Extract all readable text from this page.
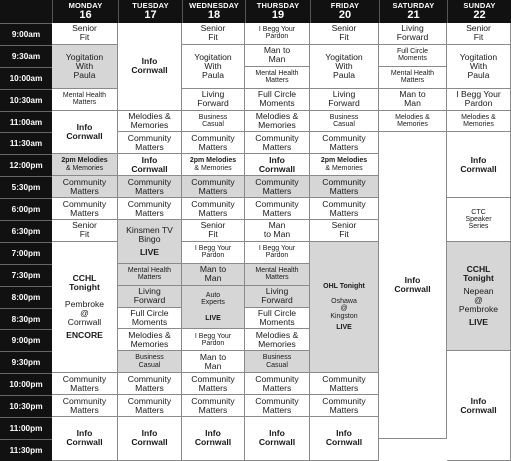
MONDAY
16
TUESDAY
17
WEDNESDAY
18
THURSDAY
19
FRIDAY
20
SATURDAY
21
SUNDAY
22
9:00am
9:30am
10:00am
10:30am
11:00am
11:30am
12:00pm
5:30pm
6:00pm
6:30pm
7:00pm
7:30pm
8:00pm
8:30pm
9:00pm
9:30pm
10:00pm
10:30pm
11:00pm
11:30pm
Senior
Fit
Yogitation
With
Paula
Mental Health
Matters
Info
Cornwall
2pm Melodies
& Memories
Community
Matters
Community
Matters
Senior
Fit
CCHL
Tonight
Pembroke
@
Cornwall
ENCORE
Community
Matters
Community
Matters
Info
Cornwall
Info
Cornwall
Melodies &
Memories
Community
Matters
Info
Cornwall
Community
Matters
Community
Matters
Kinsmen TV
Bingo
LIVE
Mental Health
Matters
Living
Forward
Full Circle
Moments
Melodies &
Memories
Business
Casual
Community
Matters
Community
Matters
Info
Cornwall
Senior
Fit
Yogitation
With
Paula
Living
Forward
Business
Casual
Community
Matters
2pm Melodies
& Memories
Community
Matters
Community
Matters
Senior
Fit
I Begg Your
Pardon
Man to
Man
Auto
Experts
LIVE
I Begg Your
Pardon
Man to
Man
Community
Matters
Community
Matters
Info
Cornwall
I Begg Your
Pardon
Man to
Man
Mental Health
Matters
Full Circle
Moments
Melodies &
Memories
Community
Matters
Info
Cornwall
Community
Matters
Community
Matters
Man
to Man
I Begg Your
Pardon
Mental Health
Matters
Living
Forward
Full Circle
Moments
Melodies &
Memories
Business
Casual
Community
Matters
Community
Matters
Info
Cornwall
Senior
Fit
Yogitation
With
Paula
Living
Forward
Business
Casual
Community
Matters
2pm Melodies
& Memories
Community
Matters
Community
Matters
Senior
Fit
OHL Tonight
Oshawa
@
Kingston
LIVE
Community
Matters
Community
Matters
Info
Cornwall
Living
Forward
Full Circle
Moments
Mental Health
Matters
Man to
Man
Melodies &
Memories
Info
Cornwall
Senior
Fit
Yogitation
With
Paula
I Begg Your
Pardon
Melodies &
Memories
Info
Cornwall
CTC
Speaker
Series
CCHL
Tonight
Nepean
@
Pembroke
LIVE
Info
Cornwall
